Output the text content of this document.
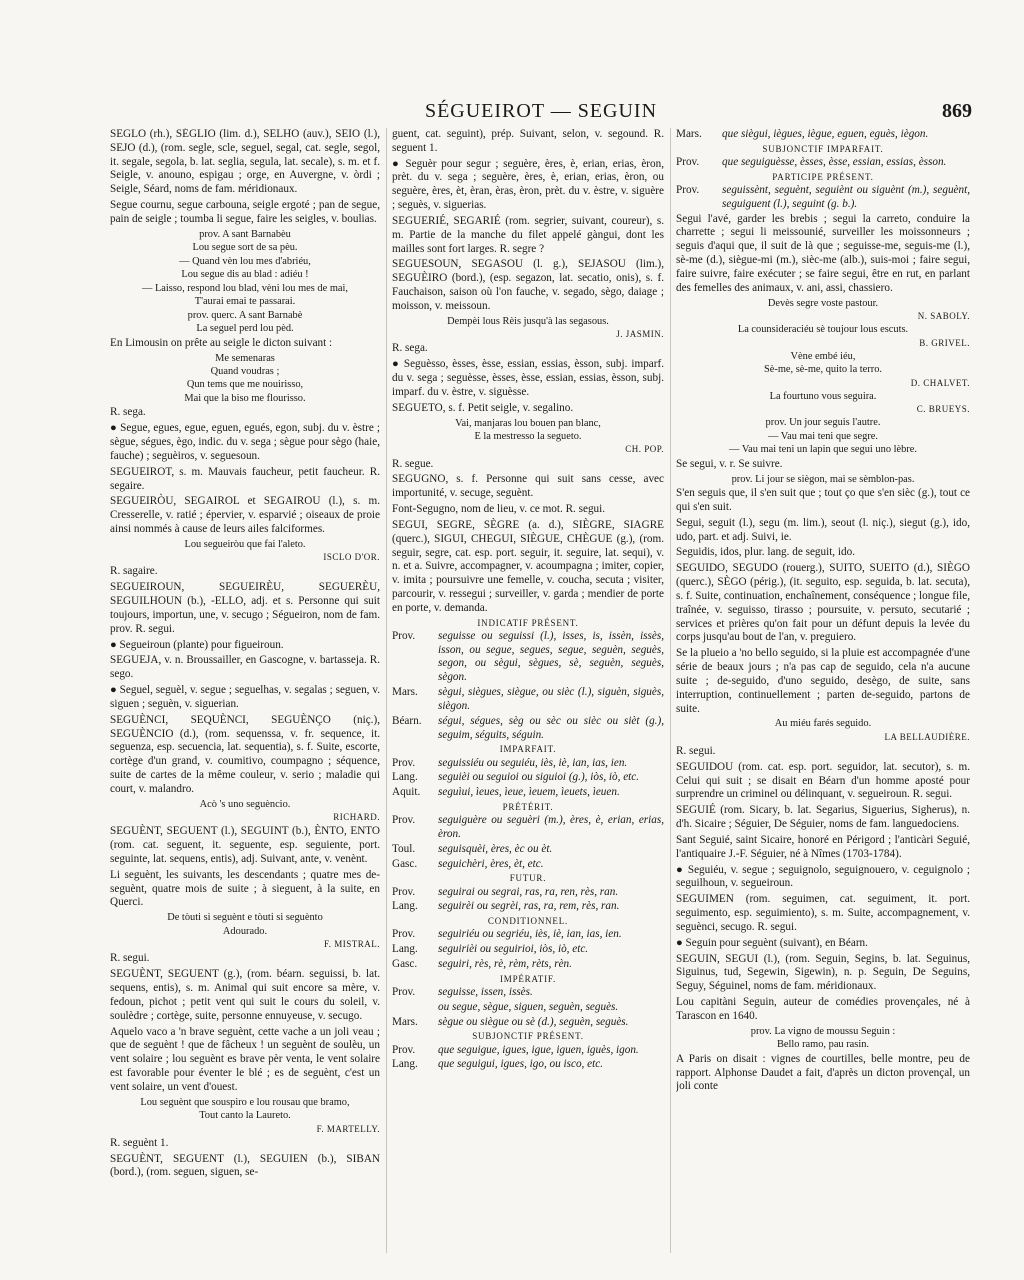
SÉGUEIROT — SEGUIN	869

SEGLO (rh.), SÉGLIO (lim. d.), SELHO (auv.), SEIO (l.), SEJO (d.), (rom. segle, scle, seguel, segal, cat. segle, segol, it. segale, segola, b. lat. seglia, segula, lat. secale), s. m. et f. Seigle, v. anouno, espigau ; orge, en Auvergne, v. òrdi ; Seigle, Séard, noms de fam. méridionaux.

Segue cournu, segue carbouna, seigle ergoté ; pan de segue, pain de seigle ; toumba li segue, faire les seigles, v. boulias.

prov. A sant Barnabèu

Lou segue sort de sa pèu.

— Quand vèn lou mes d'abriéu,

Lou segue dis au blad : adiéu !

— Laisso, respond lou blad, vèni lou mes de mai,

T'aurai emai te passarai.

prov. querc. A sant Barnabè

La seguel perd lou pèd.

En Limousin on prête au seigle le dicton suivant :

Me semenaras

Quand voudras ;

Qun tems que me nouirisso,

Mai que la biso me flourisso.

R. sega.

● Segue, egues, egue, eguen, egués, egon, subj. du v. èstre ; sègue, ségues, ègo, indic. du v. sega ; sègue pour sègo (haie, fauche) ; seguèiros, v. seguesoun.

SEGUEIROT, s. m. Mauvais faucheur, petit faucheur. R. segaire.

SEGUEIRÒU, SEGAIROL et SEGAIROU (l.), s. m. Cresserelle, v. ratié ; épervier, v. esparvié ; oiseaux de proie ainsi nommés à cause de leurs ailes falciformes.

Lou segueiròu que fai l'aleto.

ISCLO D'OR.

R. sagaire.

SEGUEIROUN, SEGUEIRÈU, SEGUERÈU, SEGUILHOUN (b.), -ELLO, adj. et s. Personne qui suit toujours, importun, une, v. secugo ; Ségueiron, nom de fam. prov. R. segui.

● Segueiroun (plante) pour figueiroun.

SEGUEJA, v. n. Broussailler, en Gascogne, v. bartasseja. R. sego.

● Seguel, seguèl, v. segue ; seguelhas, v. segalas ; seguen, v. siguen ; seguèn, v. siguerian.

SEGUÈNCI, SEQUÈNCI, SEGUÈNÇO (niç.), SEGUÈNCIO (d.), (rom. sequenssa, v. fr. sequence, it. seguenza, esp. secuencia, lat. sequentia), s. f. Suite, escorte, cortège d'un grand, v. coumitivo, coumpagno ; séquence, suite de cartes de la même couleur, v. serio ; maladie qui court, v. malandro.

Acò 's uno seguèncio.

RICHARD.

SEGUÈNT, SEGUENT (l.), SEGUINT (b.), ÈNTO, ENTO (rom. cat. seguent, it. seguente, esp. seguiente, port. seguinte, lat. sequens, entis), adj. Suivant, ante, v. venènt.

Li seguènt, les suivants, les descendants ; quatre mes de-seguènt, quatre mois de suite ; à sieguent, à la suite, en Querci.

De tòuti si seguènt e tòuti si seguènto

Adourado.

F. MISTRAL.

R. segui.

SEGUÈNT, SEGUENT (g.), (rom. béarn. seguissi, b. lat. sequens, entis), s. m. Animal qui suit encore sa mère, v. fedoun, pichot ; petit vent qui suit le cours du soleil, v. soulèdre ; cortège, suite, personne ennuyeuse, v. secugo.

Aquelo vaco a 'n brave seguènt, cette vache a un joli veau ; que de seguènt ! que de fâcheux ! un seguènt de soulèu, un vent solaire ; lou seguènt es brave pèr venta, le vent solaire est favorable pour éventer le blé ; es de seguènt, c'est un vent solaire, un vent d'ouest.

Lou seguènt que souspiro e lou rousau que bramo,

Tout canto la Laureto.

F. MARTELLY.

R. seguènt 1.

SEGUÈNT, SEGUENT (l.), SEGUIEN (b.), SIBAN (bord.), (rom. seguen, siguen, se-

guent, cat. seguint), prép. Suivant, selon, v. segound. R. seguent 1.

● Seguèr pour segur ; seguère, ères, è, erian, erias, èron, prèt. du v. sega ; seguère, ères, è, erian, erias, èron, ou seguère, ères, èt, èran, èras, èron, prèt. du v. èstre, v. siguère ; seguès, v. siguerias.

SEGUERIÉ, SEGARIÉ (rom. segrier, suivant, coureur), s. m. Partie de la manche du filet appelé gàngui, dont les mailles sont fort larges. R. segre ?

SEGUESOUN, SEGASOU (l. g.), SEJASOU (lim.), SEGUÈIRO (bord.), (esp. segazon, lat. secatio, onis), s. f. Fauchaison, saison où l'on fauche, v. segado, sègo, daiage ; moisson, v. meissoun.

Dempèi lous Rèis jusqu'à las segasous.

J. JASMIN.

R. sega.

● Seguèsso, èsses, èsse, essian, essias, èsson, subj. imparf. du v. sega ; seguèsse, èsses, èsse, essian, essias, èsson, subj. imparf. du v. èstre, v. siguèsse.

SEGUETO, s. f. Petit seigle, v. segalino.

Vai, manjaras lou bouen pan blanc,

E la mestresso la segueto.

CH. POP.

R. segue.

SEGUGNO, s. f. Personne qui suit sans cesse, avec importunité, v. secuge, seguènt.

Font-Segugno, nom de lieu, v. ce mot. R. segui.

SEGUI, SEGRE, SÈGRE (a. d.), SIÈGRE, SIAGRE (querc.), SIGUI, CHEGUI, SIÈGUE, CHÈGUE (g.), (rom. seguir, segre, cat. esp. port. seguir, it. seguire, lat. sequi), v. n. et a. Suivre, accompagner, v. acoumpagna ; imiter, copier, v. imita ; poursuivre une femelle, v. coucha, secuta ; visiter, parcourir, v. ressegui ; surveiller, v. garda ; mendier de porte en porte, v. demanda.

INDICATIF PRÉSENT.

Prov.	seguisse ou seguissi (l.), isses, is, issèn, issès, isson, ou segue, segues, segue, seguèn, seguès, segon, ou sègui, sègues, sè, seguèn, seguès, sègon.
Mars.	sègui, siègues, siègue, ou sièc (l.), siguèn, siguès, siègon.
Béarn.	ségui, ségues, sèg ou sèc ou sièc ou sièt (g.), seguim, séguits, séguin.

IMPARFAIT.

Prov.	seguissiéu ou seguiéu, iès, iè, ian, ias, ien.
Lang.	seguièi ou seguioi ou siguioi (g.), iòs, iò, etc.
Aquit.	seguìui, ìeues, ìeue, ìeuem, ìeuets, ìeuen.

PRÉTÉRIT.

Prov.	seguiguère ou seguèri (m.), ères, è, erian, erias, èron.
Toul.	seguisquèi, ères, èc ou èt.
Gasc.	seguichèri, ères, èt, etc.

FUTUR.

Prov.	seguirai ou segrai, ras, ra, ren, rès, ran.
Lang.	seguirèi ou segrèi, ras, ra, rem, rès, ran.

CONDITIONNEL.

Prov.	seguiriéu ou segriéu, iès, iè, ian, ias, ien.
Lang.	seguirièi ou seguirioi, iòs, iò, etc.
Gasc.	seguiri, rès, rè, rèm, rèts, rèn.

IMPÉRATIF.

Prov.	seguisse, issen, issès.
ou segue, sègue, siguen, seguèn, seguès.
Mars.	sègue ou siègue ou sè (d.), seguèn, seguès.

SUBJONCTIF PRÉSENT.

Prov.	que seguigue, igues, igue, iguen, iguès, igon.
Lang.	que seguigui, igues, igo, ou isco, etc.
Mars.	que siègui, iègues, iègue, eguen, eguès, iègon.

SUBJONCTIF IMPARFAIT.

Prov.	que seguiguèsse, èsses, èsse, essian, essias, èsson.

PARTICIPE PRÉSENT.

Prov.	seguissènt, seguènt, seguiènt ou siguènt (m.), seguènt, seguiguent (l.), seguint (g. b.).

Segui l'avé, garder les brebis ; segui la carreto, conduire la charrette ; segui li meissounié, surveiller les moissonneurs ; seguis d'aqui que, il suit de là que ; seguisse-me, seguis-me (l.), sè-me (d.), siègue-mi (m.), sièc-me (alb.), suis-moi ; faire segui, faire suivre, faire exécuter ; se faire segui, être en rut, en parlant des femelles des animaux, v. ani, assi, chassiero.

Devès segre voste pastour.

N. SABOLY.

La counsideraciéu sè toujour lous escuts.

B. GRIVEL.

Vène embé iéu,

Sè-me, sè-me, quito la terro.

D. CHALVET.

La fourtuno vous seguira.

C. BRUEYS.

prov. Un jour seguis l'autre.

— Vau mai teni que segre.

— Vau mai teni un lapin que segui uno lèbre.

Se segui, v. r. Se suivre.

prov. Li jour se siègon, mai se sèmblon-pas.

S'en seguis que, il s'en suit que ; tout ço que s'en sièc (g.), tout ce qui s'en suit.

Segui, seguit (l.), segu (m. lim.), seout (l. niç.), siegut (g.), ido, udo, part. et adj. Suivi, ie.

Seguidis, idos, plur. lang. de seguit, ido.

SEGUIDO, SEGUDO (rouerg.), SUITO, SUEITO (d.), SIÈGO (querc.), SÈGO (périg.), (it. seguito, esp. seguida, b. lat. secuta), s. f. Suite, continuation, enchaînement, conséquence ; longue file, traînée, v. seguisso, tirasso ; poursuite, v. persuto, secutarié ; services et prières qu'on fait pour un défunt depuis la levée du corps jusqu'au bout de l'an, v. preguiero.

Se la plueio a 'no bello seguido, si la pluie est accompagnée d'une série de beaux jours ; n'a pas cap de seguido, cela n'a aucune suite ; de-seguido, d'uno seguido, desègo, de suite, sans interruption, continuellement ; parten de-seguido, partons de suite.

Au miéu farés seguido.

LA BELLAUDIÈRE.

R. segui.

SEGUIDOU (rom. cat. esp. port. seguidor, lat. secutor), s. m. Celui qui suit ; se disait en Béarn d'un homme aposté pour surprendre un criminel ou délinquant, v. segueiroun. R. segui.

SEGUIÉ (rom. Sicary, b. lat. Segarius, Siguerius, Sigherus), n. d'h. Sicaire ; Séguier, De Séguier, noms de fam. languedociens.

Sant Seguié, saint Sicaire, honoré en Périgord ; l'anticàri Seguié, l'antiquaire J.-F. Séguier, né à Nîmes (1703-1784).

● Seguiéu, v. segue ; seguignolo, seguignouero, v. ceguignolo ; seguilhoun, v. segueiroun.

SEGUIMEN (rom. seguimen, cat. seguiment, it. port. seguimento, esp. seguimiento), s. m. Suite, accompagnement, v. seguènci, secugo. R. segui.

● Seguin pour seguènt (suivant), en Béarn.

SEGUIN, SEGUI (l.), (rom. Seguin, Segins, b. lat. Seguinus, Siguinus, tud, Segewin, Sigewin), n. p. Seguin, De Seguins, Seguy, Séguinel, noms de fam. méridionaux.

Lou capitàni Seguin, auteur de comédies provençales, né à Tarascon en 1640.

prov. La vigno de moussu Seguin :

Bello ramo, pau rasin.

A Paris on disait : vignes de courtilles, belle montre, peu de rapport. Alphonse Daudet a fait, d'après un dicton provençal, un joli conte
